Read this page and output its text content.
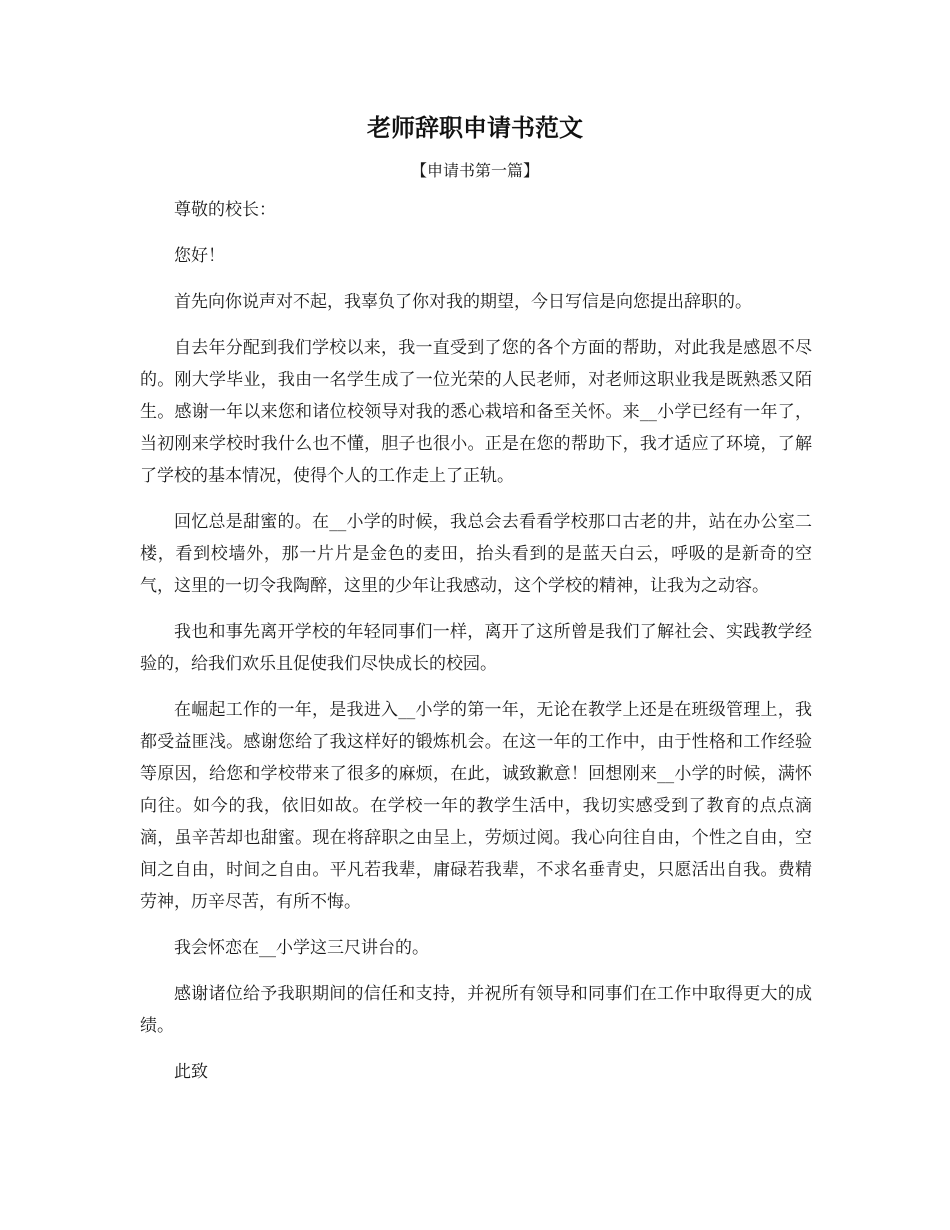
老师辞职申请书范文
【申请书第一篇】

尊敬的校长：

您好！

首先向你说声对不起，我辜负了你对我的期望，今日写信是向您提出辞职的。

自去年分配到我们学校以来，我一直受到了您的各个方面的帮助，对此我是感恩不尽的。刚大学毕业，我由一名学生成了一位光荣的人民老师，对老师这职业我是既熟悉又陌生。感谢一年以来您和诸位校领导对我的悉心栽培和备至关怀。来__小学已经有一年了，当初刚来学校时我什么也不懂，胆子也很小。正是在您的帮助下，我才适应了环境，了解了学校的基本情况，使得个人的工作走上了正轨。

回忆总是甜蜜的。在__小学的时候，我总会去看看学校那口古老的井，站在办公室二楼，看到校墙外，那一片片是金色的麦田，抬头看到的是蓝天白云，呼吸的是新奇的空气，这里的一切令我陶醉，这里的少年让我感动，这个学校的精神，让我为之动容。

我也和事先离开学校的年轻同事们一样，离开了这所曾是我们了解社会、实践教学经验的，给我们欢乐且促使我们尽快成长的校园。

在崛起工作的一年，是我进入__小学的第一年，无论在教学上还是在班级管理上，我都受益匪浅。感谢您给了我这样好的锻炼机会。在这一年的工作中，由于性格和工作经验等原因，给您和学校带来了很多的麻烦，在此，诚致歉意！回想刚来__小学的时候，满怀向往。如今的我，依旧如故。在学校一年的教学生活中，我切实感受到了教育的点点滴滴，虽辛苦却也甜蜜。现在将辞职之由呈上，劳烦过阅。我心向往自由，个性之自由，空间之自由，时间之自由。平凡若我辈，庸碌若我辈，不求名垂青史，只愿活出自我。费精劳神，历辛尽苦，有所不悔。

我会怀恋在__小学这三尺讲台的。

感谢诸位给予我职期间的信任和支持，并祝所有领导和同事们在工作中取得更大的成绩。

此致
